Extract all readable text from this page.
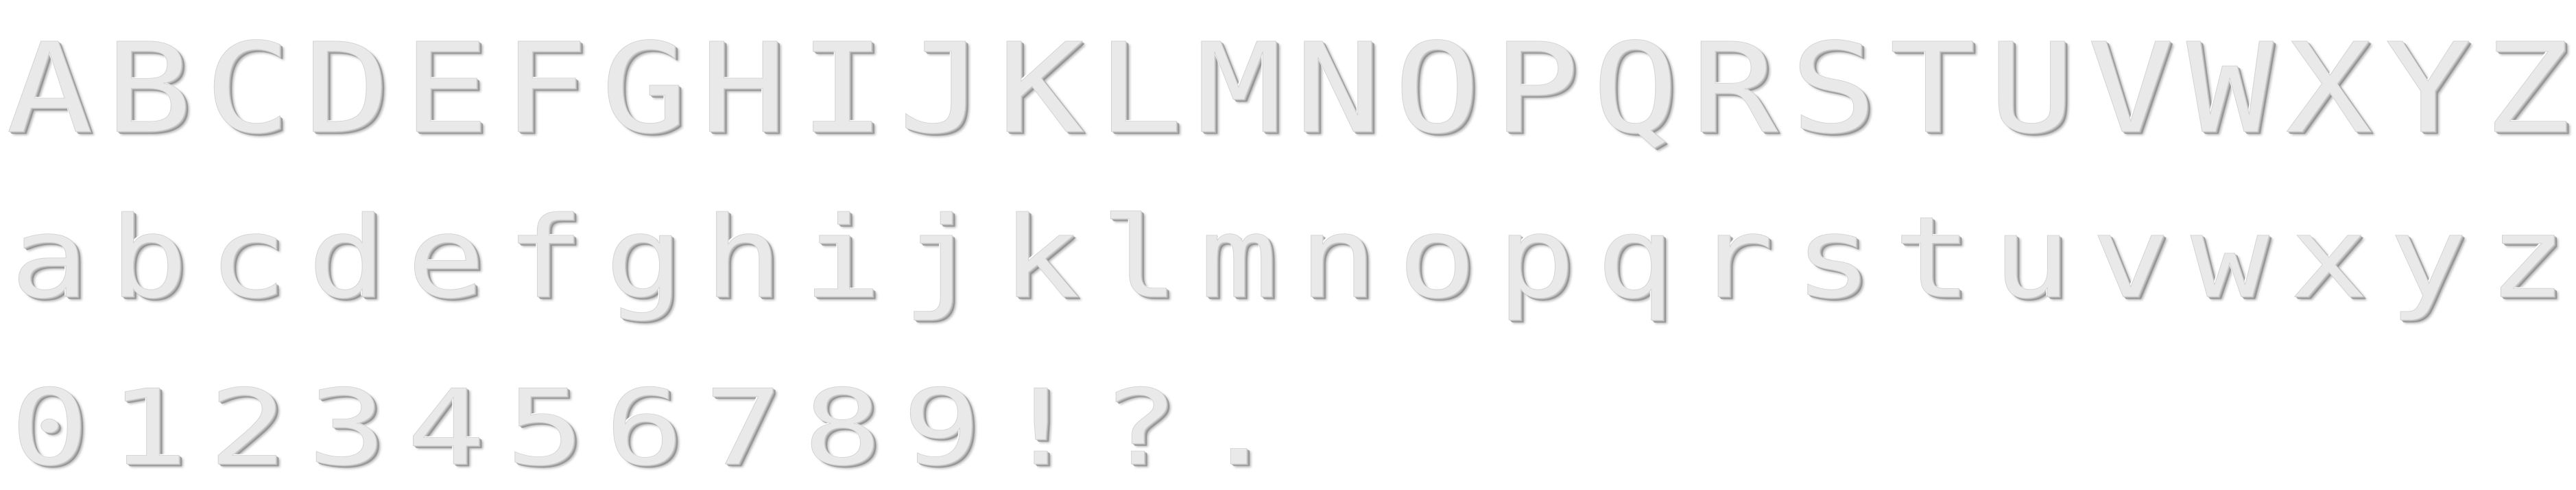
A B C D E F G H I J K L M N O P Q R S T U V W X Y Z
a b c d e f g h i j k l m n o p q r s t u v w x y z
0 1 2 3 4 5 6 7 8 9 ! ? .
